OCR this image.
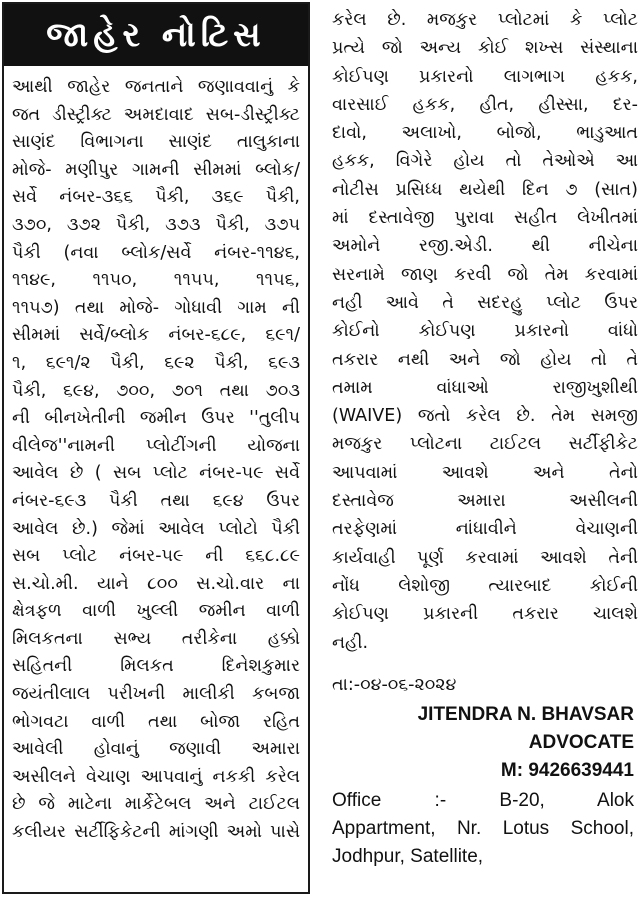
જાહેર નોટિસ
આથી જાહેર જનતાને જણાવવાનું કે
જત ડીસ્ટ્રીક્ટ અમદાવાદ સબ-ડીસ્ટ્રીક્ટ
સાણંદ વિભાગના સાણંદ તાલુકાના
મોજે- મણીપુર ગામની સીમમાં બ્લોક/
સર્વે નંબર-૩૬૬ પૈકી, ૩૬૯ પૈકી,
૩૭૦, ૩૭૨ પૈકી, ૩૭૩ પૈકી, ૩૭૫
પૈકી (નવા બ્લોક/સર્વે નંબર-૧૧૪૬,
૧૧૪૯, ૧૧૫૦, ૧૧૫૫, ૧૧૫૬,
૧૧૫૭) તથા મોજે- ગોધાવી ગામ ની
સીમમાં સર્વે/બ્લોક નંબર-૬૮૯, ૬૯૧/
૧, ૬૯૧/૨ પૈકી, ૬૯૨ પૈકી, ૬૯૩
પૈકી, ૬૯૪, ૭૦૦, ૭૦૧ તથા ૭૦૩
ની બીનખેતીની જમીન ઉપર ''તુલીપ
વીલેજ''નામની પ્લોટીંગની યોજના
આવેલ છે ( સબ પ્લોટ નંબર-૫૯ સર્વે
નંબર-૬૯૩ પૈકી તથા ૬૯૪ ઉપર
આવેલ છે.) જેમાં આવેલ પ્લોટો પૈકી
સબ પ્લોટ નંબર-૫૯ ની ૬૬૮.૮૯
સ.ચો.મી. યાને ૮૦૦ સ.ચો.વાર ના
ક્ષેત્રફળ વાળી ખુલ્લી જમીન વાળી
મિલકતના સભ્ય તરીકેના હક્કો
સહિતની મિલકત દિનેશકુમાર
જયંતીલાલ પરીખની માલીકી કબજા
ભોગવટા વાળી તથા બોજા રહિત
આવેલી હોવાનું જણાવી અમારા
અસીલને વેચાણ આપવાનું નકકી કરેલ
છે જે માટેના માર્કેટેબલ અને ટાઈટલ
કલીયર સર્ટીફિકેટની માંગણી અમો પાસે
કરેલ છે. મજકુર પ્લોટમાં કે પ્લોટ
પ્રત્યે જો અન્ય કોઈ શખ્સ સંસ્થાના
કોઈપણ પ્રકારનો લાગભાગ હકક,
વારસાઈ હકક, હીત, હીસ્સા, દર-
દાવો, અલાખો, બોજો, ભાડુઆત
હકક, વિગેરે હોય તો તેઓએ આ
નોટીસ પ્રસિધ્ધ થયેથી દિન ૭ (સાત)
માં દસ્તાવેજી પુરાવા સહીત લેખીતમાં
અમોને રજી.એડી. થી નીચેના
સરનામે જાણ કરવી જો તેમ કરવામાં
નહી આવે તે સદરહુ પ્લોટ ઉપર
કોઈનો કોઈપણ પ્રકારનો વાંધો
તકરાર નથી અને જો હોય તો તે
તમામ વાંધાઓ રાજીખુશીથી
(WAIVE) જતો કરેલ છે. તેમ સમજી
મજકુર પ્લોટના ટાઈટલ સર્ટીફીકેટ
આપવામાં આવશે અને તેનો
દસ્તાવેજ અમારા અસીલની
તરફેણમાં નાંધાવીને વેચાણની
કાર્યવાહી પૂર્ણ કરવામાં આવશે તેની
નોંધ લેશોજી ત્યારબાદ કોઈની
કોઈપણ પ્રકારની તકરાર ચાલશે
નહી.
તા:-૦૪-૦૬-૨૦૨૪
JITENDRA N. BHAVSAR
ADVOCATE
M: 9426639441
Office :- B-20, Alok
Appartment, Nr. Lotus School,
Jodhpur, Satellite,
